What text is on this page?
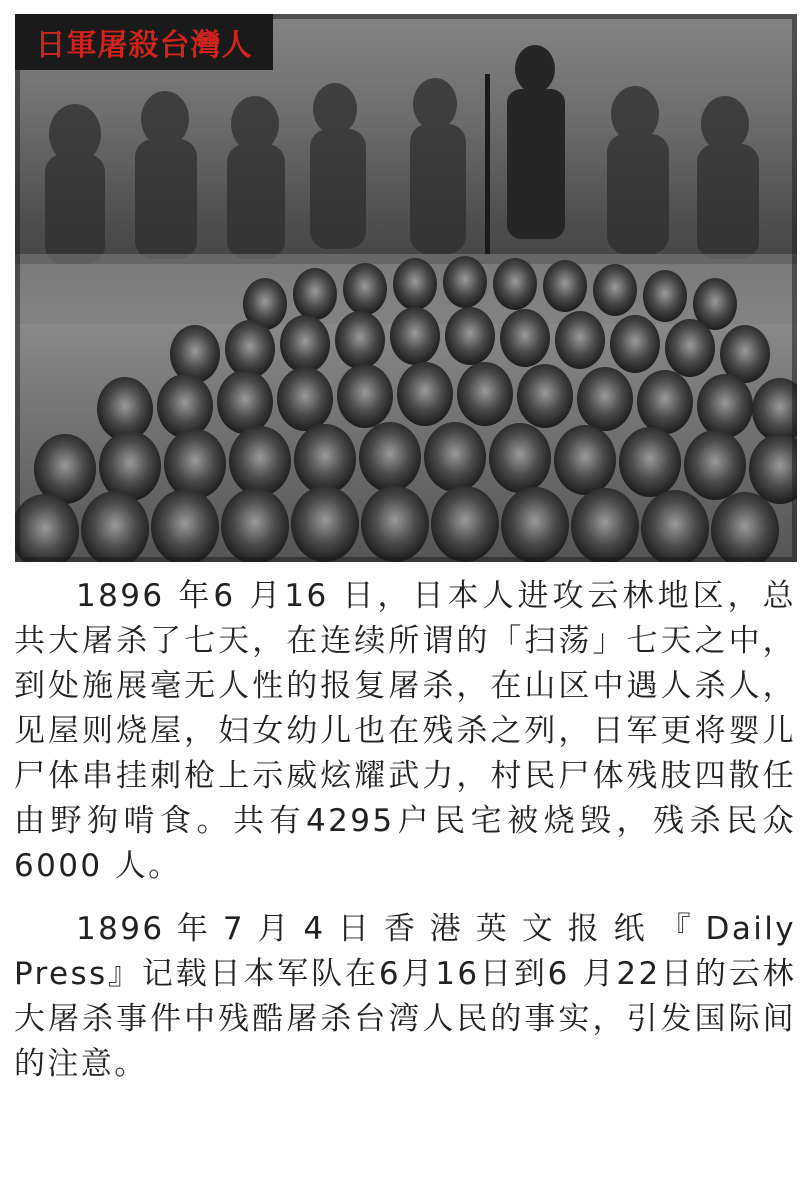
日軍屠殺台灣人

1896 年6 月16 日，日本人进攻云林地区，总共大屠杀了七天，在连续所谓的「扫荡」七天之中，到处施展毫无人性的报复屠杀，在山区中遇人杀人，见屋则烧屋，妇女幼儿也在残杀之列，日军更将婴儿尸体串挂刺枪上示威炫耀武力，村民尸体残肢四散任由野狗啃食。共有4295户民宅被烧毁，残杀民众6000 人。

1896 年 7 月 4 日 香 港 英 文 报 纸 『 Daily Press』记载日本军队在6月16日到6 月22日的云林大屠杀事件中残酷屠杀台湾人民的事实，引发国际间的注意。
